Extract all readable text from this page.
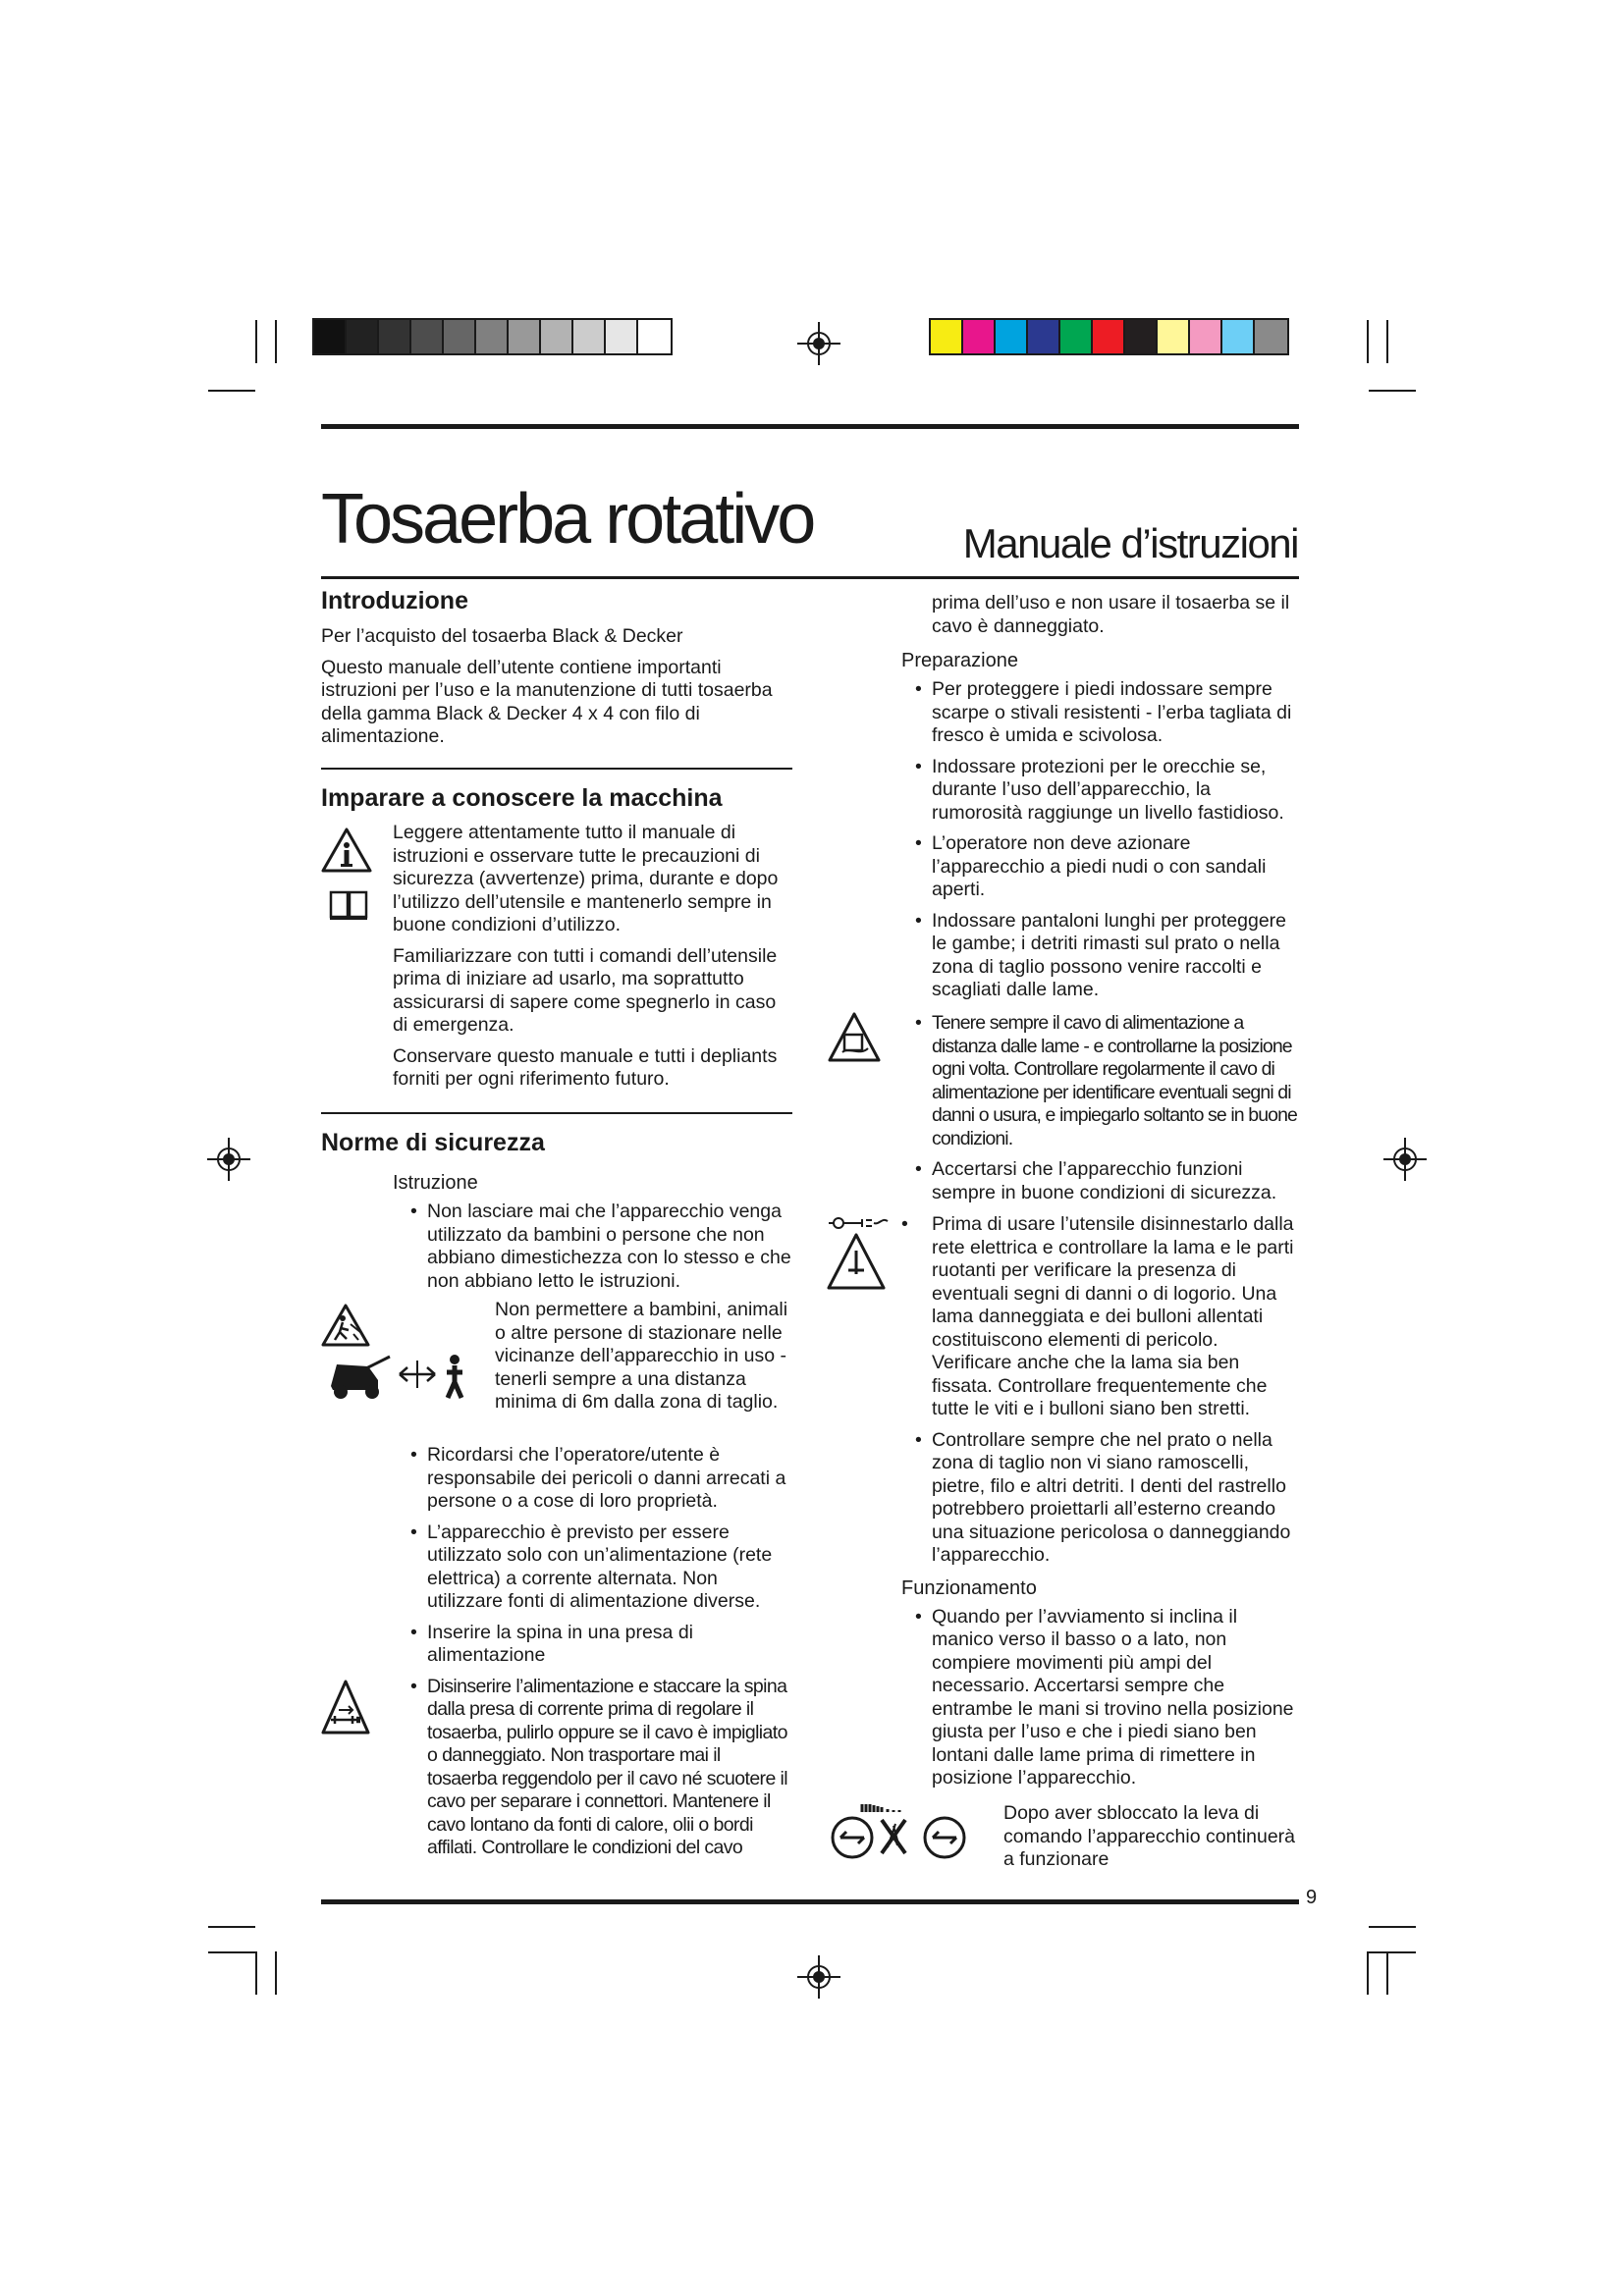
Tosaerba rotativo	Manuale d’istruzioni
Introduzione

Per l’acquisto del tosaerba Black & Decker

Questo manuale dell’utente contiene importanti istruzioni per l’uso e la manutenzione di tutti tosaerba della gamma Black & Decker 4 x 4 con filo di alimentazione.

Imparare a conoscere la macchina

Leggere attentamente tutto il manuale di istruzioni e osservare tutte le precauzioni di sicurezza (avvertenze) prima, durante e dopo l’utilizzo dell’utensile e mantenerlo sempre in buone condizioni d’utilizzo.

Familiarizzare con tutti i comandi dell’utensile prima di iniziare ad usarlo, ma soprattutto assicurarsi di sapere come spegnerlo in caso di emergenza.

Conservare questo manuale e tutti i depliants forniti per ogni riferimento futuro.

Norme di sicurezza
Istruzione

• Non lasciare mai che l’apparecchio venga utilizzato da bambini o persone che non abbiano dimestichezza con lo stesso e che non abbiano letto le istruzioni.

Non permettere a bambini, animali o altre persone di stazionare nelle vicinanze dell’apparecchio in uso - tenerli sempre a una distanza minima di 6m dalla zona di taglio.

• Ricordarsi che l’operatore/utente è responsabile dei pericoli o danni arrecati a persone o a cose di loro proprietà.

• L’apparecchio è previsto per essere utilizzato solo con un’alimentazione (rete elettrica) a corrente alternata. Non utilizzare fonti di alimentazione diverse.

• Inserire la spina in una presa di alimentazione

• Disinserire l’alimentazione e staccare la spina dalla presa di corrente prima di regolare il tosaerba, pulirlo oppure se il cavo è impigliato o danneggiato. Non trasportare mai il tosaerba reggendolo per il cavo né scuotere il cavo per separare i connettori. Mantenere il cavo lontano da fonti di calore, olii o bordi affilati. Controllare le condizioni del cavo

prima dell’uso e non usare il tosaerba se il cavo è danneggiato.

Preparazione

• Per proteggere i piedi indossare sempre scarpe o stivali resistenti - l’erba tagliata di fresco è umida e scivolosa.

• Indossare protezioni per le orecchie se, durante l’uso dell’apparecchio, la rumorosità raggiunge un livello fastidioso.

• L’operatore non deve azionare l’apparecchio a piedi nudi o con sandali aperti.

• Indossare pantaloni lunghi per proteggere le gambe; i detriti rimasti sul prato o nella zona di taglio possono venire raccolti e scagliati dalle lame.

• Tenere sempre il cavo di alimentazione a distanza dalle lame - e controllarne la posizione ogni volta. Controllare regolarmente il cavo di alimentazione per identificare eventuali segni di danni o usura, e impiegarlo soltanto se in buone condizioni.

• Accertarsi che l’apparecchio funzioni sempre in buone condizioni di sicurezza.

• Prima di usare l’utensile disinnestarlo dalla rete elettrica e controllare la lama e le parti ruotanti per verificare la presenza di eventuali segni di danni o di logorio. Una lama danneggiata e dei bulloni allentati costituiscono elementi di pericolo. Verificare anche che la lama sia ben fissata. Controllare frequentemente che tutte le viti e i bulloni siano ben stretti.

• Controllare sempre che nel prato o nella zona di taglio non vi siano ramoscelli, pietre, filo e altri detriti. I denti del rastrello potrebbero proiettarli all’esterno creando una situazione pericolosa o danneggiando l’apparecchio.

Funzionamento

• Quando per l’avviamento si inclina il manico verso il basso o a lato, non compiere movimenti più ampi del necessario. Accertarsi sempre che entrambe le mani si trovino nella posizione giusta per l’uso e che i piedi siano ben lontani dalle lame prima di rimettere in posizione l’apparecchio.

Dopo aver sbloccato la leva di comando l’apparecchio continuerà a funzionare

9
